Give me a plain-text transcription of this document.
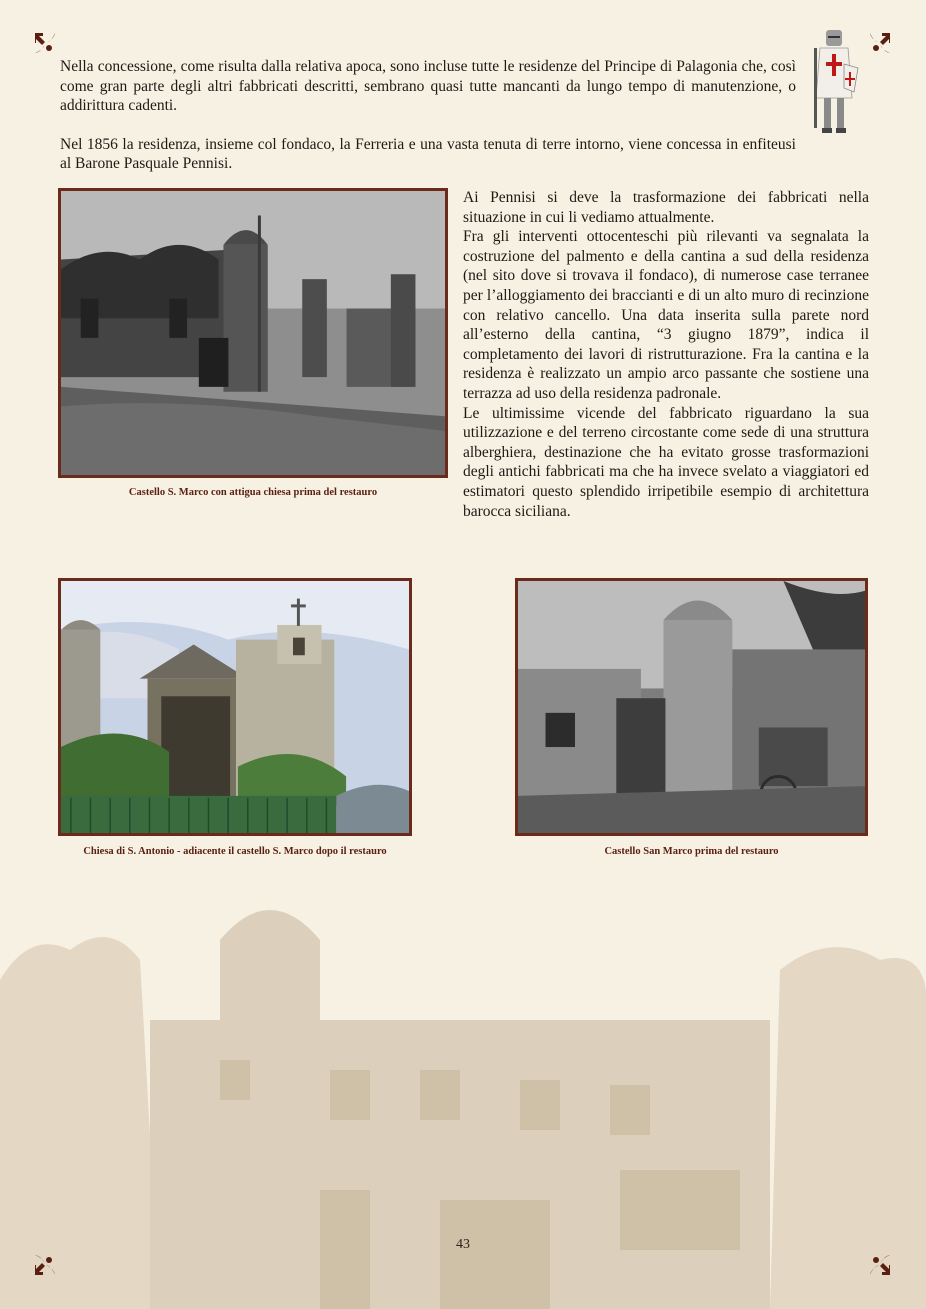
Nella concessione, come risulta dalla relativa apoca, sono incluse tutte le residenze del Principe di Palagonia che, così come gran parte degli altri fabbricati descritti, sembrano quasi tutte mancanti da lungo tempo di manutenzione, o addirittura cadenti.

Nel 1856 la residenza, insieme col fondaco, la Ferreria e una vasta tenuta di terre intorno, viene concessa in enfiteusi al Barone Pasquale Pennisi.

Castello S. Marco con attigua chiesa prima del restauro

Ai Pennisi si deve la trasformazione dei fabbricati nella situazione in cui li vediamo attualmente.

Fra gli interventi ottocenteschi più rilevanti va segnalata la costruzione del palmento e della cantina a sud della residenza (nel sito dove si trovava il fondaco), di numerose case terranee per l’alloggiamento dei braccianti e di un alto muro di recinzione con relativo cancello. Una data inserita sulla parete nord all’esterno della cantina, “3 giugno 1879”, indica il completamento dei lavori di ristrutturazione. Fra la cantina e la residenza è realizzato un ampio arco passante che sostiene una terrazza ad uso della residenza padronale.

Le ultimissime vicende del fabbricato riguardano la sua utilizzazione e del terreno circostante come sede di una struttura alberghiera, destinazione che ha evitato grosse trasformazioni degli antichi fabbricati ma che ha invece svelato a viaggiatori ed estimatori questo splendido irripetibile esempio di architettura barocca siciliana.

Chiesa di S. Antonio - adiacente il castello S. Marco dopo il restauro	Castello San Marco prima del restauro

43
